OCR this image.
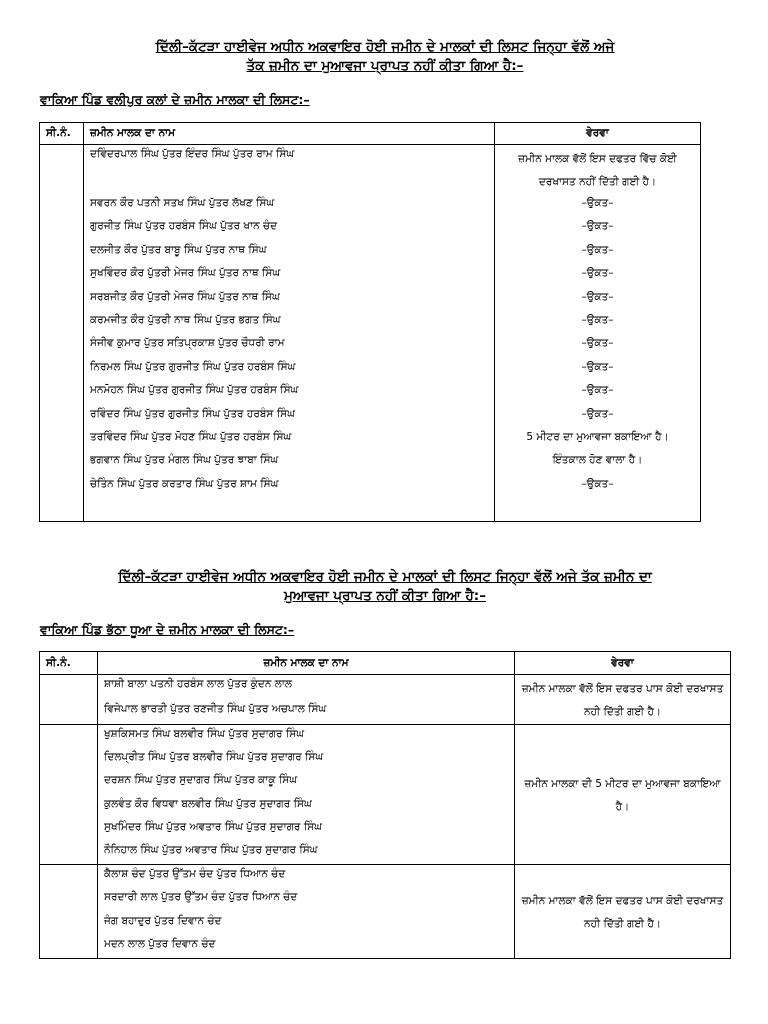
ਦਿੱਲੀ–ਕੱਟੜਾ ਹਾਈਵੇਜ ਅਧੀਨ ਅਕਵਾਇਰ ਹੋਈ ਜਮੀਨ ਦੇ ਮਾਲਕਾਂ ਦੀ ਲਿਸਟ ਜਿਨ੍ਹਾ ਵੱਲੋਂ ਅਜੇ
ਤੱਕ ਜ਼ਮੀਨ ਦਾ ਮੁਆਵਜਾ ਪ੍ਰਾਪਤ ਨਹੀਂ ਕੀਤਾ ਗਿਆ ਹੈ:–

ਵਾਕਿਆ ਪਿੰਡ ਵਲੀਪੁਰ ਕਲਾਂ ਦੇ ਜ਼ਮੀਨ ਮਾਲਕਾ ਦੀ ਲਿਸਟ:–

ਸੀ.ਨੰ.	ਜ਼ਮੀਨ ਮਾਲਕ ਦਾ ਨਾਮ	ਵੇਰਵਾ
	ਦਵਿੰਦਰਪਾਲ ਸਿੰਘ ਪੁੱਤਰ ਇੰਦਰ ਸਿੰਘ ਪੁੱਤਰ ਰਾਮ ਸਿੰਘ	ਜ਼ਮੀਨ ਮਾਲਕ ਵੱਲੋਂ ਇਸ ਦਫਤਰ ਵਿੱਚ ਕੋਈ ਦਰਖਾਸਤ ਨਹੀਂ ਦਿੱਤੀ ਗਈ ਹੈ।
	ਸਵਰਨ ਕੌਰ ਪਤਨੀ ਸਤਖ ਸਿੰਘ ਪੁੱਤਰ ਲੱਖਣ ਸਿੰਘ	–ਉਕਤ–
	ਗੁਰਜੀਤ ਸਿੰਘ ਪੁੱਤਰ ਹਰਬੰਸ ਸਿੰਘ ਪੁੱਤਰ ਖਾਨ ਚੰਦ	–ਉਕਤ–
	ਦਲਜੀਤ ਕੌਰ ਪੁੱਤਰ ਬਾਬੂ ਸਿੰਘ ਪੁੱਤਰ ਨਾਥ ਸਿੰਘ	–ਉਕਤ–
	ਸੁਖਵਿੰਦਰ ਕੌਰ ਪੁੱਤਰੀ ਮੇਜਰ ਸਿੰਘ ਪੁੱਤਰ ਨਾਥ ਸਿੰਘ	–ਉਕਤ–
	ਸਰਬਜੀਤ ਕੌਰ ਪੁੱਤਰੀ ਮੇਜਰ ਸਿੰਘ ਪੁੱਤਰ ਨਾਥ ਸਿੰਘ	–ਉਕਤ–
	ਕਰਮਜੀਤ ਕੌਰ ਪੁੱਤਰੀ ਨਾਥ ਸਿੰਘ ਪੁੱਤਰ ਭਗਤ ਸਿੰਘ	–ਉਕਤ–
	ਸੰਜੀਵ ਕੁਮਾਰ ਪੁੱਤਰ ਸਤਿਪ੍ਰਕਾਸ਼ ਪੁੱਤਰ ਚੌਧਰੀ ਰਾਮ	–ਉਕਤ–
	ਨਿਰਮਲ ਸਿੰਘ ਪੁੱਤਰ ਗੁਰਜੀਤ ਸਿੰਘ ਪੁੱਤਰ ਹਰਬੰਸ ਸਿੰਘ	–ਉਕਤ–
	ਮਨਮੋਹਨ ਸਿੰਘ ਪੁੱਤਰ ਗੁਰਜੀਤ ਸਿੰਘ ਪੁੱਤਰ ਹਰਬੰਸ ਸਿੰਘ	–ਉਕਤ–
	ਰਵਿੰਦਰ ਸਿੰਘ ਪੁੱਤਰ ਗੁਰਜੀਤ ਸਿੰਘ ਪੁੱਤਰ ਹਰਬੰਸ ਸਿੰਘ	–ਉਕਤ–
	ਤਰਵਿੰਦਰ ਸਿੰਘ ਪੁੱਤਰ ਮੋਹਣ ਸਿੰਘ ਪੁੱਤਰ ਹਰਬੰਸ ਸਿੰਘ	5 ਮੀਟਰ ਦਾ ਮੁਆਵਜਾ ਬਕਾਇਆ ਹੈ।
	ਭਗਵਾਨ ਸਿੰਘ ਪੁੱਤਰ ਮੰਗਲ ਸਿੰਘ ਪੁੱਤਰ ਝਾਬਾ ਸਿੰਘ	ਇੰਤਕਾਲ ਹੋਣ ਵਾਲਾ ਹੈ।
	ਚੇਤਿੰਨ ਸਿੰਘ ਪੁੱਤਰ ਕਰਤਾਰ ਸਿੰਘ ਪੁੱਤਰ ਸ਼ਾਮ ਸਿੰਘ	–ਉਕਤ–

ਦਿੱਲੀ–ਕੱਟੜਾ ਹਾਈਵੇਜ ਅਧੀਨ ਅਕਵਾਇਰ ਹੋਈ ਜਮੀਨ ਦੇ ਮਾਲਕਾਂ ਦੀ ਲਿਸਟ ਜਿਨ੍ਹਾ ਵੱਲੋਂ ਅਜੇ ਤੱਕ ਜ਼ਮੀਨ ਦਾ
ਮੁਆਵਜਾ ਪ੍ਰਾਪਤ ਨਹੀਂ ਕੀਤਾ ਗਿਆ ਹੈ:–

ਵਾਕਿਆ ਪਿੰਡ ਭੱਠਾ ਧੂਆ ਦੇ ਜ਼ਮੀਨ ਮਾਲਕਾ ਦੀ ਲਿਸਟ:–

ਸੀ.ਨੰ.	ਜ਼ਮੀਨ ਮਾਲਕ ਦਾ ਨਾਮ	ਵੇਰਵਾ
	ਸ਼ਾਸ਼ੀ ਬਾਲਾ ਪਤਨੀ ਹਰਬੰਸ ਲਾਲ ਪੁੱਤਰ ਕੁੰਦਨ ਲਾਲ	ਜ਼ਮੀਨ ਮਾਲਕਾ ਵੱਲੋਂ ਇਸ ਦਫਤਰ ਪਾਸ ਕੋਈ ਦਰਖਾਸਤ ਨਹੀ ਦਿੱਤੀ ਗਈ ਹੈ।
	ਵਿਜੇਪਾਲ ਭਾਰਤੀ ਪੁੱਤਰ ਰਣਜੀਤ ਸਿੰਘ ਪੁੱਤਰ ਅਚਪਾਲ ਸਿੰਘ	
	ਖੁਸ਼ਕਿਸਮਤ ਸਿੰਘ ਬਲਵੀਰ ਸਿੰਘ ਪੁੱਤਰ ਸੁਦਾਗਰ ਸਿੰਘ	ਜ਼ਮੀਨ ਮਾਲਕਾ ਦੀ 5 ਮੀਟਰ ਦਾ ਮੁਆਵਜਾ ਬਕਾਇਆ ਹੈ।
	ਦਿਲਪ੍ਰੀਤ ਸਿੰਘ ਪੁੱਤਰ ਬਲਵੀਰ ਸਿੰਘ ਪੁੱਤਰ ਸੁਦਾਗਰ ਸਿੰਘ	
	ਦਰਸ਼ਨ ਸਿੰਘ ਪੁੱਤਰ ਸੁਦਾਗਰ ਸਿੰਘ ਪੁੱਤਰ ਕਾਕੂ ਸਿੰਘ	
	ਕੁਲਵੰਤ ਕੌਰ ਵਿਧਵਾ ਬਲਵੀਰ ਸਿੰਘ ਪੁੱਤਰ ਸੁਦਾਗਰ ਸਿੰਘ	
	ਸੁਖਮਿੰਦਰ ਸਿੰਘ ਪੁੱਤਰ ਅਵਤਾਰ ਸਿੰਘ ਪੁੱਤਰ ਸੁਦਾਗਰ ਸਿੰਘ	
	ਨੌਨਿਹਾਲ ਸਿੰਘ ਪੁੱਤਰ ਅਵਤਾਰ ਸਿੰਘ ਪੁੱਤਰ ਸੁਦਾਗਰ ਸਿੰਘ	
	ਕੈਲਾਸ਼ ਚੰਦ ਪੁੱਤਰ ਉੱਤਮ ਚੰਦ ਪੁੱਤਰ ਧਿਆਨ ਚੰਦ	ਜ਼ਮੀਨ ਮਾਲਕਾ ਵੱਲੋਂ ਇਸ ਦਫਤਰ ਪਾਸ ਕੋਈ ਦਰਖਾਸਤ ਨਹੀ ਦਿੱਤੀ ਗਈ ਹੈ।
	ਸਰਦਾਰੀ ਲਾਲ ਪੁੱਤਰ ਉੱਤਮ ਚੰਦ ਪੁੱਤਰ ਧਿਆਨ ਚੰਦ	
	ਜੰਗ ਬਹਾਦੁਰ ਪੁੱਤਰ ਦਿਵਾਨ ਚੰਦ	
	ਮਦਨ ਲਾਲ ਪੁੱਤਰ ਦਿਵਾਨ ਚੰਦ	
